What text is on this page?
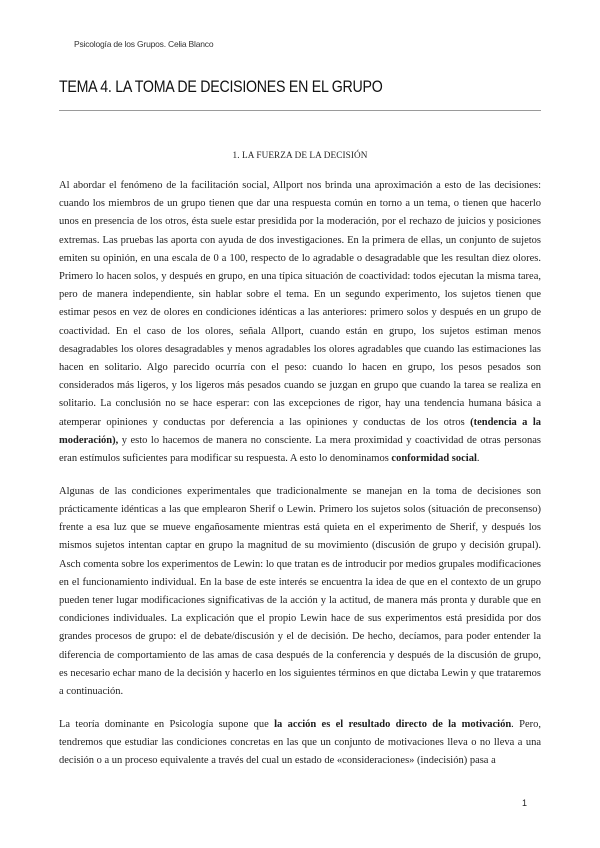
Psicología de los Grupos. Celia Blanco
TEMA 4. LA TOMA DE DECISIONES EN EL GRUPO
1. LA FUERZA DE LA DECISIÓN

Al abordar el fenómeno de la facilitación social, Allport nos brinda una aproximación a esto de las decisiones: cuando los miembros de un grupo tienen que dar una respuesta común en torno a un tema, o tienen que hacerlo unos en presencia de los otros, ésta suele estar presidida por la moderación, por el rechazo de juicios y posiciones extremas. Las pruebas las aporta con ayuda de dos investigaciones. En la primera de ellas, un conjunto de sujetos emiten su opinión, en una escala de 0 a 100, respecto de lo agradable o desagradable que les resultan diez olores. Primero lo hacen solos, y después en grupo, en una típica situación de coactividad: todos ejecutan la misma tarea, pero de manera independiente, sin hablar sobre el tema. En un segundo experimento, los sujetos tienen que estimar pesos en vez de olores en condiciones idénticas a las anteriores: primero solos y después en un grupo de coactividad. En el caso de los olores, señala Allport, cuando están en grupo, los sujetos estiman menos desagradables los olores desagradables y menos agradables los olores agradables que cuando las estimaciones las hacen en solitario. Algo parecido ocurría con el peso: cuando lo hacen en grupo, los pesos pesados son considerados más ligeros, y los ligeros más pesados cuando se juzgan en grupo que cuando la tarea se realiza en solitario. La conclusión no se hace esperar: con las excepciones de rigor, hay una tendencia humana básica a atemperar opiniones y conductas por deferencia a las opiniones y conductas de los otros (tendencia a la moderación), y esto lo hacemos de manera no consciente. La mera proximidad y coactividad de otras personas eran estímulos suficientes para modificar su respuesta. A esto lo denominamos conformidad social.

Algunas de las condiciones experimentales que tradicionalmente se manejan en la toma de decisiones son prácticamente idénticas a las que emplearon Sherif o Lewin. Primero los sujetos solos (situación de preconsenso) frente a esa luz que se mueve engañosamente mientras está quieta en el experimento de Sherif, y después los mismos sujetos intentan captar en grupo la magnitud de su movimiento (discusión de grupo y decisión grupal). Asch comenta sobre los experimentos de Lewin: lo que tratan es de introducir por medios grupales modificaciones en el funcionamiento individual. En la base de este interés se encuentra la idea de que en el contexto de un grupo pueden tener lugar modificaciones significativas de la acción y la actitud, de manera más pronta y durable que en condiciones individuales. La explicación que el propio Lewin hace de sus experimentos está presidida por dos grandes procesos de grupo: el de debate/discusión y el de decisión. De hecho, decíamos, para poder entender la diferencia de comportamiento de las amas de casa después de la conferencia y después de la discusión de grupo, es necesario echar mano de la decisión y hacerlo en los siguientes términos en que dictaba Lewin y que trataremos a continuación.

La teoría dominante en Psicología supone que la acción es el resultado directo de la motivación. Pero, tendremos que estudiar las condiciones concretas en las que un conjunto de motivaciones lleva o no lleva a una decisión o a un proceso equivalente a través del cual un estado de «consideraciones» (indecisión) pasa a

1
